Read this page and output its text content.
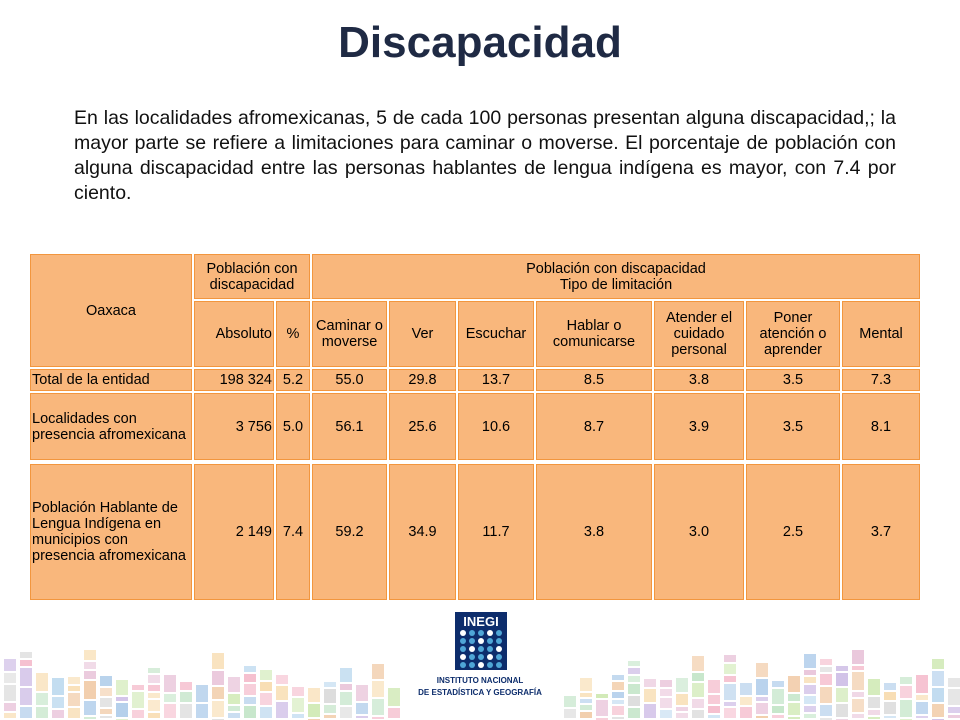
Discapacidad
En las localidades afromexicanas, 5 de cada 100 personas presentan alguna discapacidad,; la mayor parte se refiere a limitaciones para caminar o moverse. El porcentaje de población con alguna discapacidad entre las personas hablantes de lengua indígena es mayor, con 7.4 por ciento.
Oaxaca	Población con discapacidad		Población con discapacidad
Tipo de limitación						
	Absoluto	%	Caminar o moverse	Ver	Escuchar	Hablar o comunicarse	Atender el cuidado personal	Poner atención o aprender	Mental
Total de la entidad	198 324	5.2	55.0	29.8	13.7	8.5	3.8	3.5	7.3
Localidades con presencia afromexicana	3 756	5.0	56.1	25.6	10.6	8.7	3.9	3.5	8.1
Población Hablante de Lengua Indígena en municipios con presencia afromexicana	2 149	7.4	59.2	34.9	11.7	3.8	3.0	2.5	3.7
INEGI
INSTITUTO NACIONAL
DE ESTADÍSTICA Y GEOGRAFÍA
